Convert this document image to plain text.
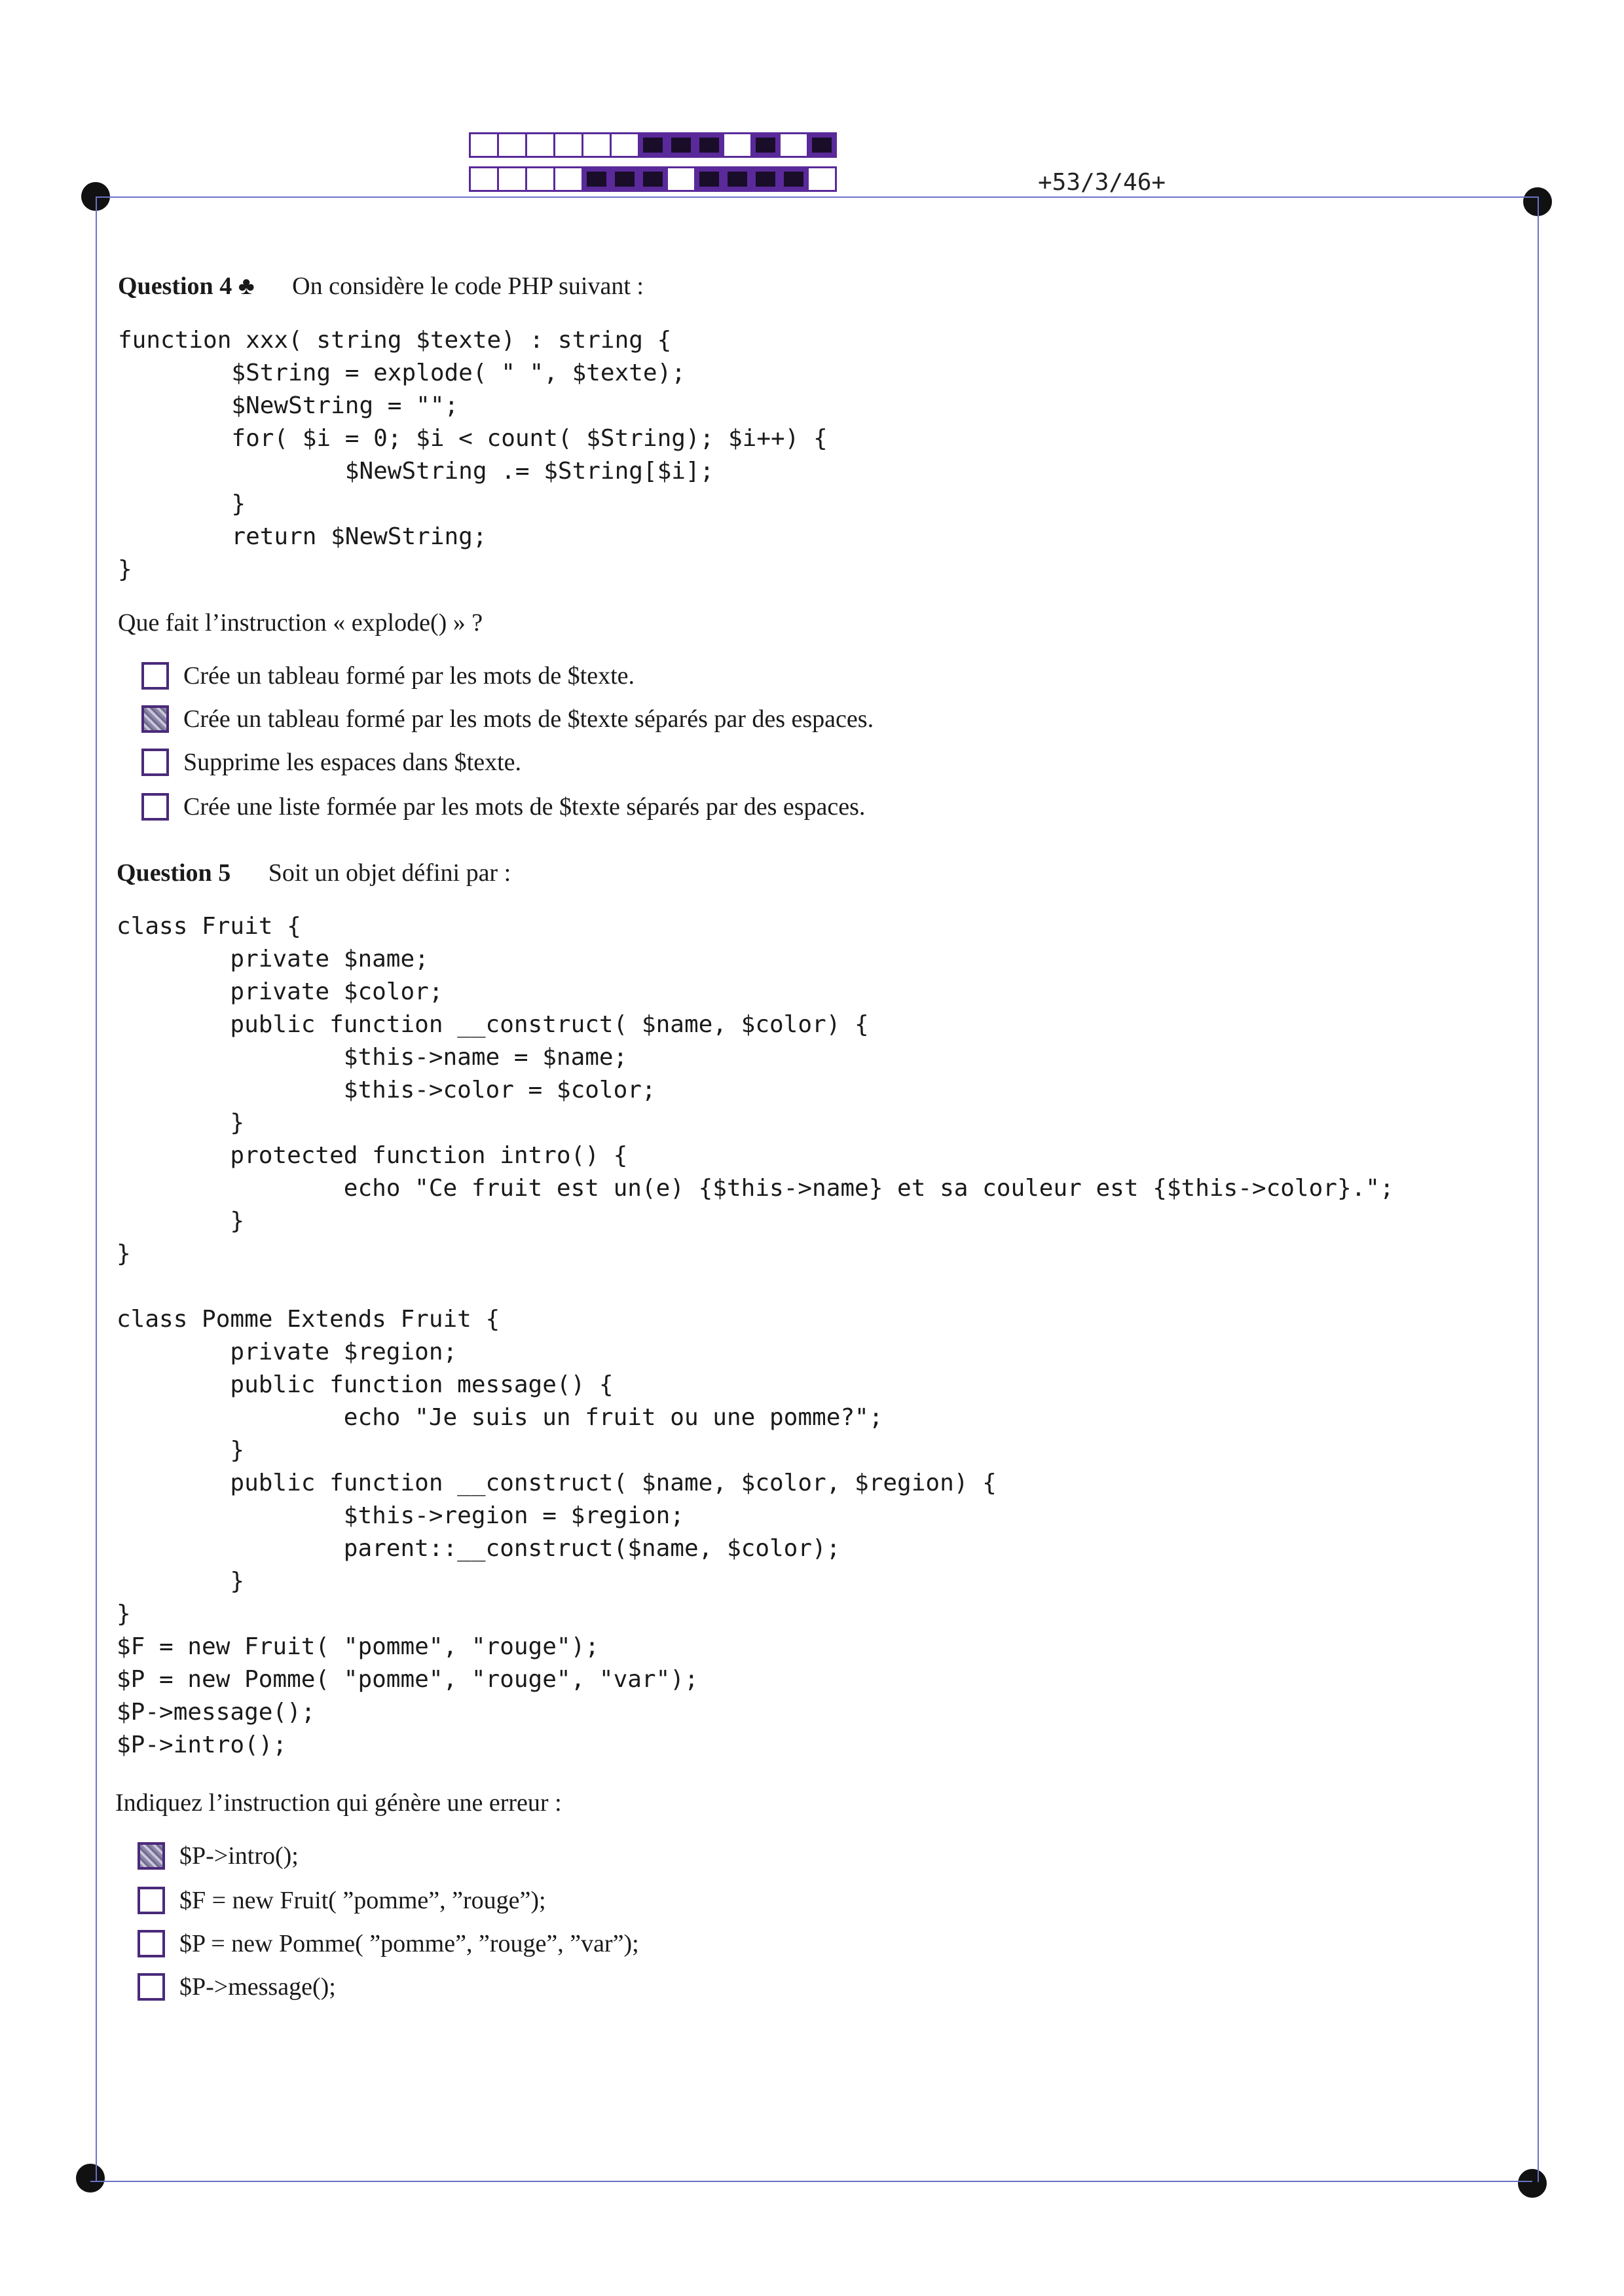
+53/3/46+
Question 4 ♣ On considère le code PHP suivant :
function xxx( string $texte) : string {
	$String = explode( " ", $texte);
	$NewString = "";
	for( $i = 0; $i < count( $String); $i++) {
		$NewString .= $String[$i];
	}
	return $NewString;
}
Que fait l’instruction « explode() » ?
Crée un tableau formé par les mots de $texte.
Crée un tableau formé par les mots de $texte séparés par des espaces.
Supprime les espaces dans $texte.
Crée une liste formée par les mots de $texte séparés par des espaces.
Question 5 Soit un objet défini par :
class Fruit {
	private $name;
	private $color;
	public function __construct( $name, $color) {
		$this->name = $name;
		$this->color = $color;
	}
	protected function intro() {
		echo "Ce fruit est un(e) {$this->name} et sa couleur est {$this->color}.";
	}
}

class Pomme Extends Fruit {
	private $region;
	public function message() {
		echo "Je suis un fruit ou une pomme?";
	}
	public function __construct( $name, $color, $region) {
		$this->region = $region;
		parent::__construct($name, $color);
	}
}
$F = new Fruit( "pomme", "rouge");
$P = new Pomme( "pomme", "rouge", "var");
$P->message();
$P->intro();
Indiquez l’instruction qui génère une erreur :
$P->intro();
$F = new Fruit( ”pomme”, ”rouge”);
$P = new Pomme( ”pomme”, ”rouge”, ”var”);
$P->message();
